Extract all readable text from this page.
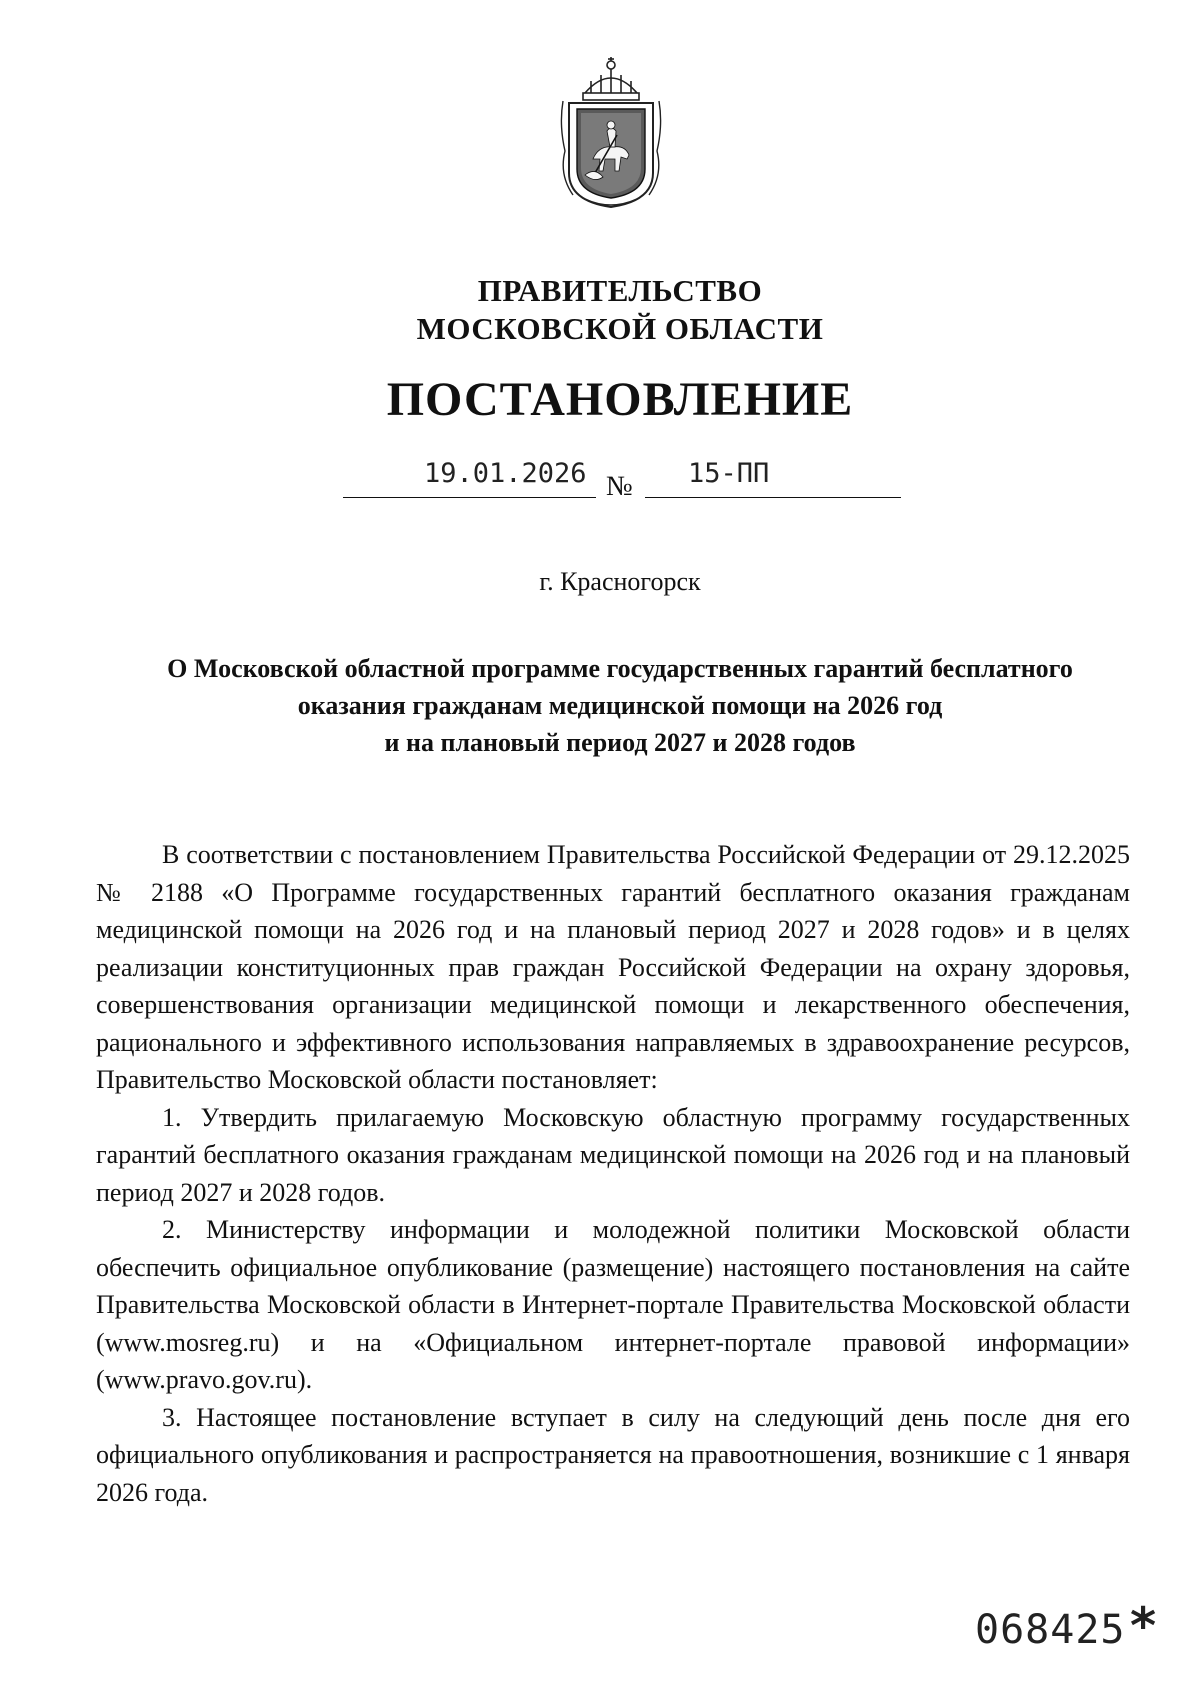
ПРАВИТЕЛЬСТВО
МОСКОВСКОЙ ОБЛАСТИ
ПОСТАНОВЛЕНИЕ
19.01.2026 № 15-ПП
г. Красногорск
О Московской областной программе государственных гарантий бесплатного
оказания гражданам медицинской помощи на 2026 год
и на плановый период 2027 и 2028 годов

В соответствии с постановлением Правительства Российской Федерации от 29.12.2025 № 2188 «О Программе государственных гарантий бесплатного оказания гражданам медицинской помощи на 2026 год и на плановый период 2027 и 2028 годов» и в целях реализации конституционных прав граждан Российской Федерации на охрану здоровья, совершенствования организации медицинской помощи и лекарственного обеспечения, рационального и эффективного использования направляемых в здравоохранение ресурсов, Правительство Московской области постановляет:

1. Утвердить прилагаемую Московскую областную программу государственных гарантий бесплатного оказания гражданам медицинской помощи на 2026 год и на плановый период 2027 и 2028 годов.

2. Министерству информации и молодежной политики Московской области обеспечить официальное опубликование (размещение) настоящего постановления на сайте Правительства Московской области в Интернет-портале Правительства Московской области (www.mosreg.ru) и на «Официальном интернет-портале правовой информации» (www.pravo.gov.ru).

3. Настоящее постановление вступает в силу на следующий день после дня его официального опубликования и распространяется на правоотношения, возникшие с 1 января 2026 года.

068425 *
